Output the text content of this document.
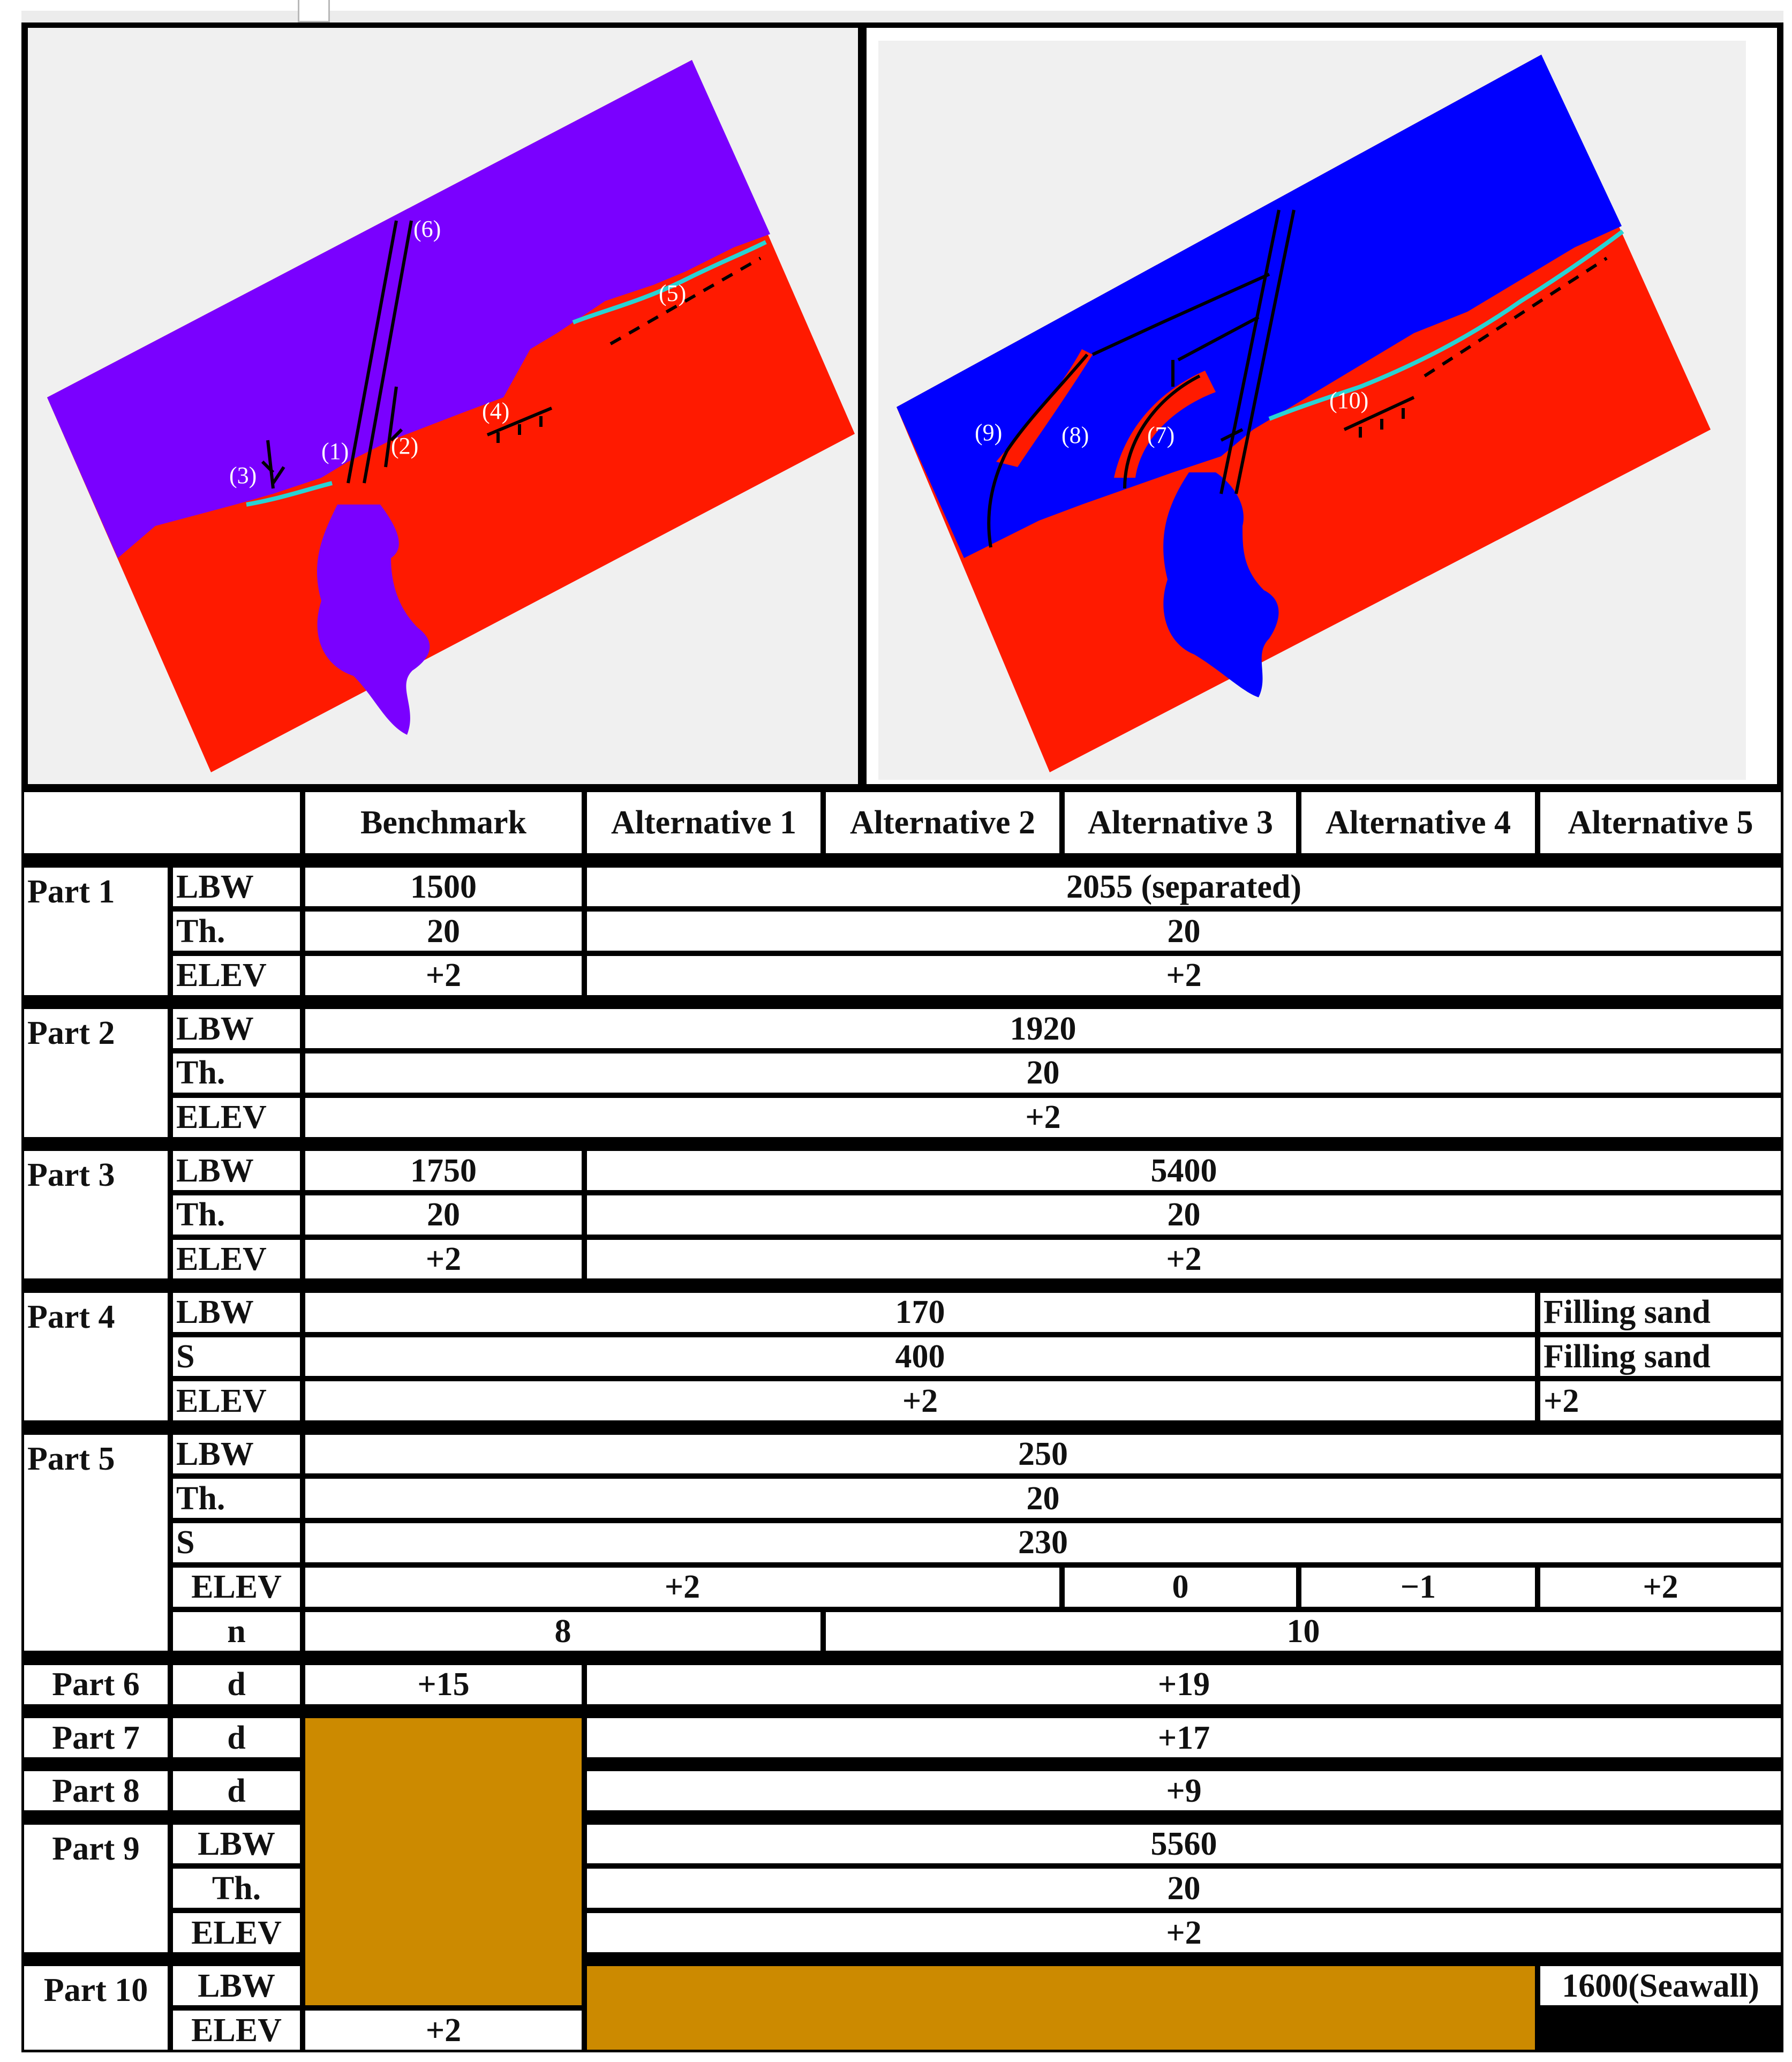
(1) (2)
(3)
(4)
(5)
(6)
(7)
(8)
(9)
(10)
		Benchmark	Alternative 1	Alternative 2	Alternative 3	Alternative 4	Alternative 5

Part 1	LBW	1500	2055 (separated)				
	Th.	20	20				
	ELEV	+2	+2				

Part 2	LBW	1920					
	Th.	20					
	ELEV	+2					

Part 3	LBW	1750	5400				
	Th.	20	20				
	ELEV	+2	+2				

Part 4	LBW	170					Filling sand
	S	400					Filling sand
	ELEV	+2					+2

Part 5	LBW	250					
	Th.	20					
	S	230					
	ELEV	+2			0	−1	+2
	n	8		10			

Part 6	d	+15	+19				

Part 7	d		+17				

Part 8	d		+9				

Part 9	LBW		5560				
	Th.		20				
	ELEV		+2				

Part 10	LBW						1600(Seawall)
	ELEV	+2					
